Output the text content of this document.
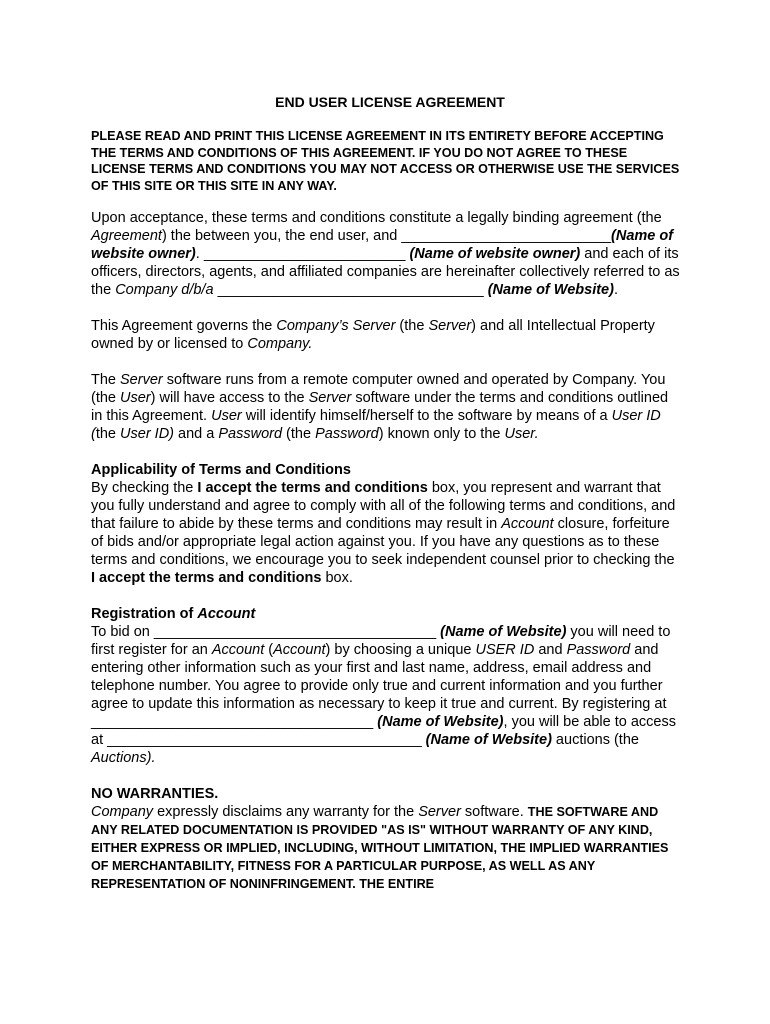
END USER LICENSE AGREEMENT
PLEASE READ AND PRINT THIS LICENSE AGREEMENT IN ITS ENTIRETY BEFORE ACCEPTING THE TERMS AND CONDITIONS OF THIS AGREEMENT. IF YOU DO NOT AGREE TO THESE LICENSE TERMS AND CONDITIONS YOU MAY NOT ACCESS OR OTHERWISE USE THE SERVICES OF THIS SITE OR THIS SITE IN ANY WAY.

Upon acceptance, these terms and conditions constitute a legally binding agreement (the Agreement) the between you, the end user, and __________________________(Name of website owner). _________________________ (Name of website owner) and each of its officers, directors, agents, and affiliated companies are hereinafter collectively referred to as the Company d/b/a _________________________________ (Name of Website).

This Agreement governs the Company’s Server (the Server) and all Intellectual Property owned by or licensed to Company.

The Server software runs from a remote computer owned and operated by Company. You (the User) will have access to the Server software under the terms and conditions outlined in this Agreement. User will identify himself/herself to the software by means of a User ID (the User ID) and a Password (the Password) known only to the User.

Applicability of Terms and Conditions

By checking the I accept the terms and conditions box, you represent and warrant that you fully understand and agree to comply with all of the following terms and conditions, and that failure to abide by these terms and conditions may result in Account closure, forfeiture of bids and/or appropriate legal action against you. If you have any questions as to these terms and conditions, we encourage you to seek independent counsel prior to checking the I accept the terms and conditions box.

Registration of Account

To bid on ___________________________________ (Name of Website) you will need to first register for an Account (Account) by choosing a unique USER ID and Password and entering other information such as your first and last name, address, email address and telephone number. You agree to provide only true and current information and you further agree to update this information as necessary to keep it true and current. By registering at ___________________________________ (Name of Website), you will be able to access at _______________________________________ (Name of Website) auctions (the Auctions).

NO WARRANTIES.

Company expressly disclaims any warranty for the Server software. THE SOFTWARE AND ANY RELATED DOCUMENTATION IS PROVIDED "AS IS" WITHOUT WARRANTY OF ANY KIND, EITHER EXPRESS OR IMPLIED, INCLUDING, WITHOUT LIMITATION, THE IMPLIED WARRANTIES OF MERCHANTABILITY, FITNESS FOR A PARTICULAR PURPOSE, AS WELL AS ANY REPRESENTATION OF NONINFRINGEMENT. THE ENTIRE
